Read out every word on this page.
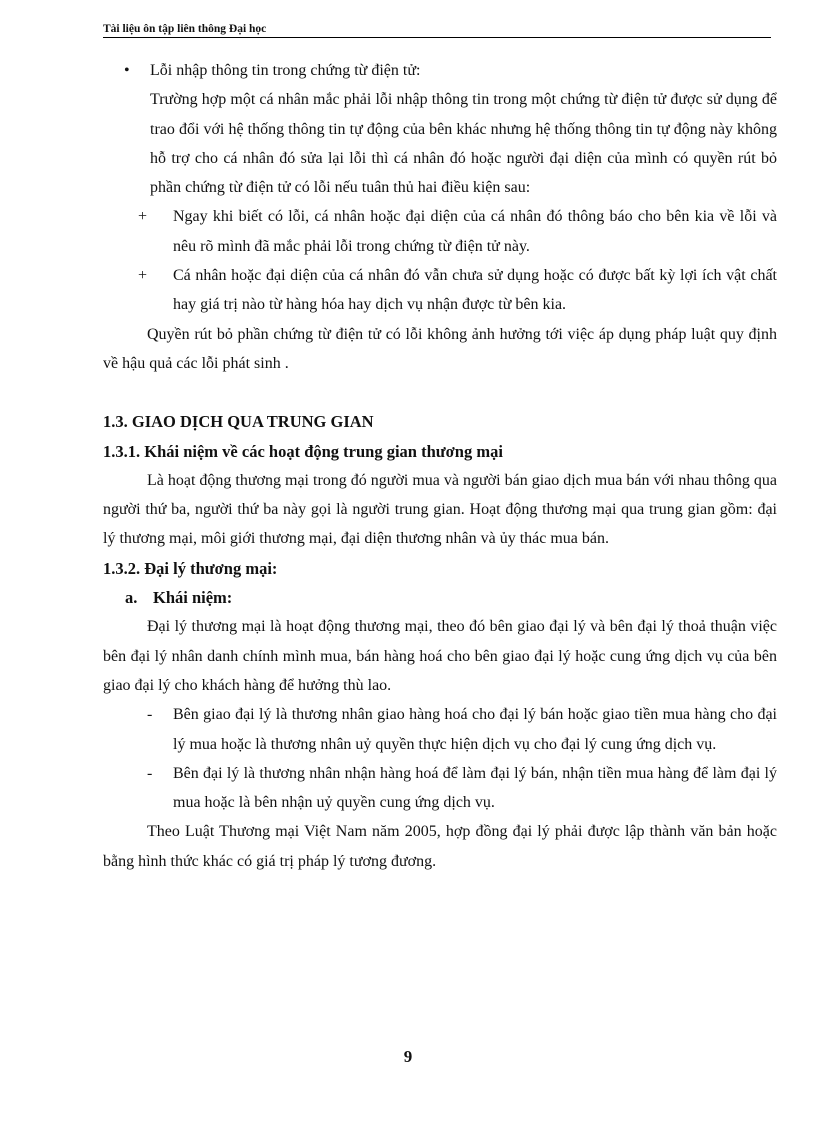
Tài liệu ôn tập liên thông Đại học
• Lỗi nhập thông tin trong chứng từ điện tử:

Trường hợp một cá nhân mắc phải lỗi nhập thông tin trong một chứng từ điện tử được sử dụng để trao đổi với hệ thống thông tin tự động của bên khác nhưng hệ thống thông tin tự động này không hỗ trợ cho cá nhân đó sửa lại lỗi thì cá nhân đó hoặc người đại diện của mình có quyền rút bỏ phần chứng từ điện tử có lỗi nếu tuân thủ hai điều kiện sau:

+ Ngay khi biết có lỗi, cá nhân hoặc đại diện của cá nhân đó thông báo cho bên kia về lỗi và nêu rõ mình đã mắc phải lỗi trong chứng từ điện tử này.
+ Cá nhân hoặc đại diện của cá nhân đó vẫn chưa sử dụng hoặc có được bất kỳ lợi ích vật chất hay giá trị nào từ hàng hóa hay dịch vụ nhận được từ bên kia.

Quyền rút bỏ phần chứng từ điện tử có lỗi không ảnh hưởng tới việc áp dụng pháp luật quy định về hậu quả các lỗi phát sinh .

1.3. GIAO DỊCH QUA TRUNG GIAN
1.3.1. Khái niệm về các hoạt động trung gian thương mại

Là hoạt động thương mại trong đó người mua và người bán giao dịch mua bán với nhau thông qua người thứ ba, người thứ ba này gọi là người trung gian. Hoạt động thương mại qua trung gian gồm: đại lý thương mại, môi giới thương mại, đại diện thương nhân và ủy thác mua bán.

1.3.2. Đại lý thương mại:
a. Khái niệm:

Đại lý thương mại là hoạt động thương mại, theo đó bên giao đại lý và bên đại lý thoả thuận việc bên đại lý nhân danh chính mình mua, bán hàng hoá cho bên giao đại lý hoặc cung ứng dịch vụ của bên giao đại lý cho khách hàng để hưởng thù lao.

- Bên giao đại lý là thương nhân giao hàng hoá cho đại lý bán hoặc giao tiền mua hàng cho đại lý mua hoặc là thương nhân uỷ quyền thực hiện dịch vụ cho đại lý cung ứng dịch vụ.
- Bên đại lý là thương nhân nhận hàng hoá để làm đại lý bán, nhận tiền mua hàng để làm đại lý mua hoặc là bên nhận uỷ quyền cung ứng dịch vụ.

Theo Luật Thương mại Việt Nam năm 2005, hợp đồng đại lý phải được lập thành văn bản hoặc bằng hình thức khác có giá trị pháp lý tương đương.

9
